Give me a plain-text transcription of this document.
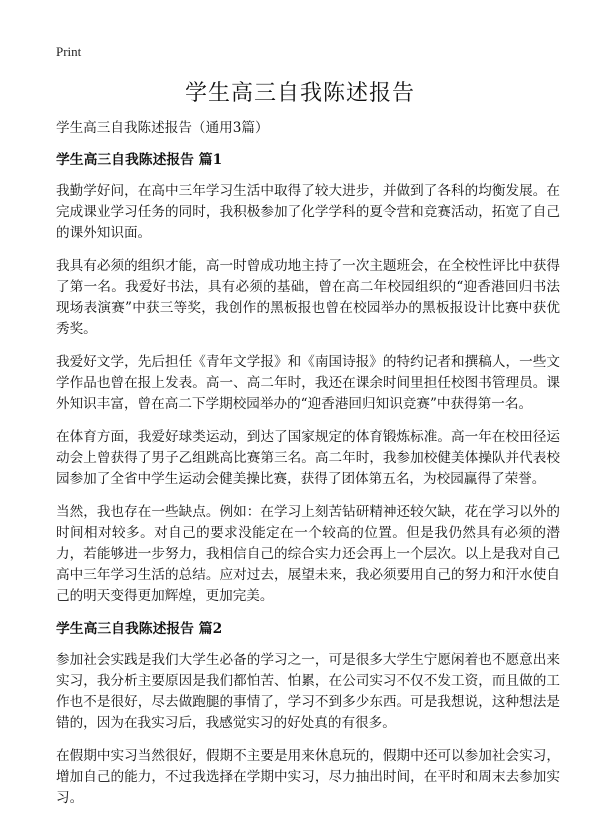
Print
学生高三自我陈述报告

学生高三自我陈述报告（通用3篇）

学生高三自我陈述报告 篇1

我勤学好问，在高中三年学习生活中取得了较大进步，并做到了各科的均衡发展。在完成课业学习任务的同时，我积极参加了化学学科的夏令营和竞赛活动，拓宽了自己的课外知识面。

我具有必须的组织才能，高一时曾成功地主持了一次主题班会，在全校性评比中获得了第一名。我爱好书法，具有必须的基础，曾在高二年校园组织的“迎香港回归书法现场表演赛”中获三等奖，我创作的黑板报也曾在校园举办的黑板报设计比赛中获优秀奖。

我爱好文学，先后担任《青年文学报》和《南国诗报》的特约记者和撰稿人，一些文学作品也曾在报上发表。高一、高二年时，我还在课余时间里担任校图书管理员。课外知识丰富，曾在高二下学期校园举办的“迎香港回归知识竞赛”中获得第一名。

在体育方面，我爱好球类运动，到达了国家规定的体育锻炼标准。高一年在校田径运动会上曾获得了男子乙组跳高比赛第三名。高二年时，我参加校健美体操队并代表校园参加了全省中学生运动会健美操比赛，获得了团体第五名，为校园赢得了荣誉。

当然，我也存在一些缺点。例如：在学习上刻苦钻研精神还较欠缺，花在学习以外的时间相对较多。对自己的要求没能定在一个较高的位置。但是我仍然具有必须的潜力，若能够进一步努力，我相信自己的综合实力还会再上一个层次。以上是我对自己高中三年学习生活的总结。应对过去，展望未来，我必须要用自己的努力和汗水使自己的明天变得更加辉煌，更加完美。

学生高三自我陈述报告 篇2

参加社会实践是我们大学生必备的学习之一，可是很多大学生宁愿闲着也不愿意出来实习，我分析主要原因是我们都怕苦、怕累，在公司实习不仅不发工资，而且做的工作也不是很好，尽去做跑腿的事情了，学习不到多少东西。可是我想说，这种想法是错的，因为在我实习后，我感觉实习的好处真的有很多。

在假期中实习当然很好，假期不主要是用来休息玩的，假期中还可以参加社会实习，增加自己的能力，不过我选择在学期中实习，尽力抽出时间，在平时和周末去参加实习。
